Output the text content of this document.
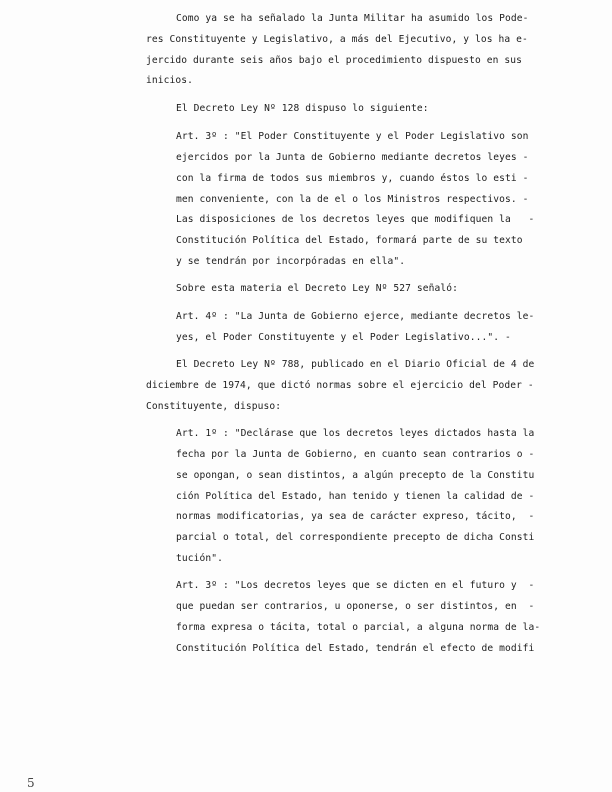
Como ya se ha señalado la Junta Militar ha asumido los Pode-
res Constituyente y Legislativo, a más del Ejecutivo, y los ha e-
jercido durante seis años bajo el procedimiento dispuesto en sus
inicios.
El Decreto Ley Nº 128 dispuso lo siguiente:
Art. 3º : "El Poder Constituyente y el Poder Legislativo son
ejercidos por la Junta de Gobierno mediante decretos leyes -
con la firma de todos sus miembros y, cuando éstos lo esti -
men conveniente, con la de el o los Ministros respectivos. -
Las disposiciones de los decretos leyes que modifiquen la   -
Constitución Política del Estado, formará parte de su texto
y se tendrán por incorpóradas en ella".
Sobre esta materia el Decreto Ley Nº 527 señaló:
Art. 4º : "La Junta de Gobierno ejerce, mediante decretos le-
yes, el Poder Constituyente y el Poder Legislativo...". -
El Decreto Ley Nº 788, publicado en el Diario Oficial de 4 de
diciembre de 1974, que dictó normas sobre el ejercicio del Poder -
Constituyente, dispuso:
Art. 1º : "Declárase que los decretos leyes dictados hasta la
fecha por la Junta de Gobierno, en cuanto sean contrarios o -
se opongan, o sean distintos, a algún precepto de la Constitu
ción Política del Estado, han tenido y tienen la calidad de -
normas modificatorias, ya sea de carácter expreso, tácito,  -
parcial o total, del correspondiente precepto de dicha Consti
tución".
Art. 3º : "Los decretos leyes que se dicten en el futuro y  -
que puedan ser contrarios, u oponerse, o ser distintos, en  -
forma expresa o tácita, total o parcial, a alguna norma de la-
Constitución Política del Estado, tendrán el efecto de modifi
5
